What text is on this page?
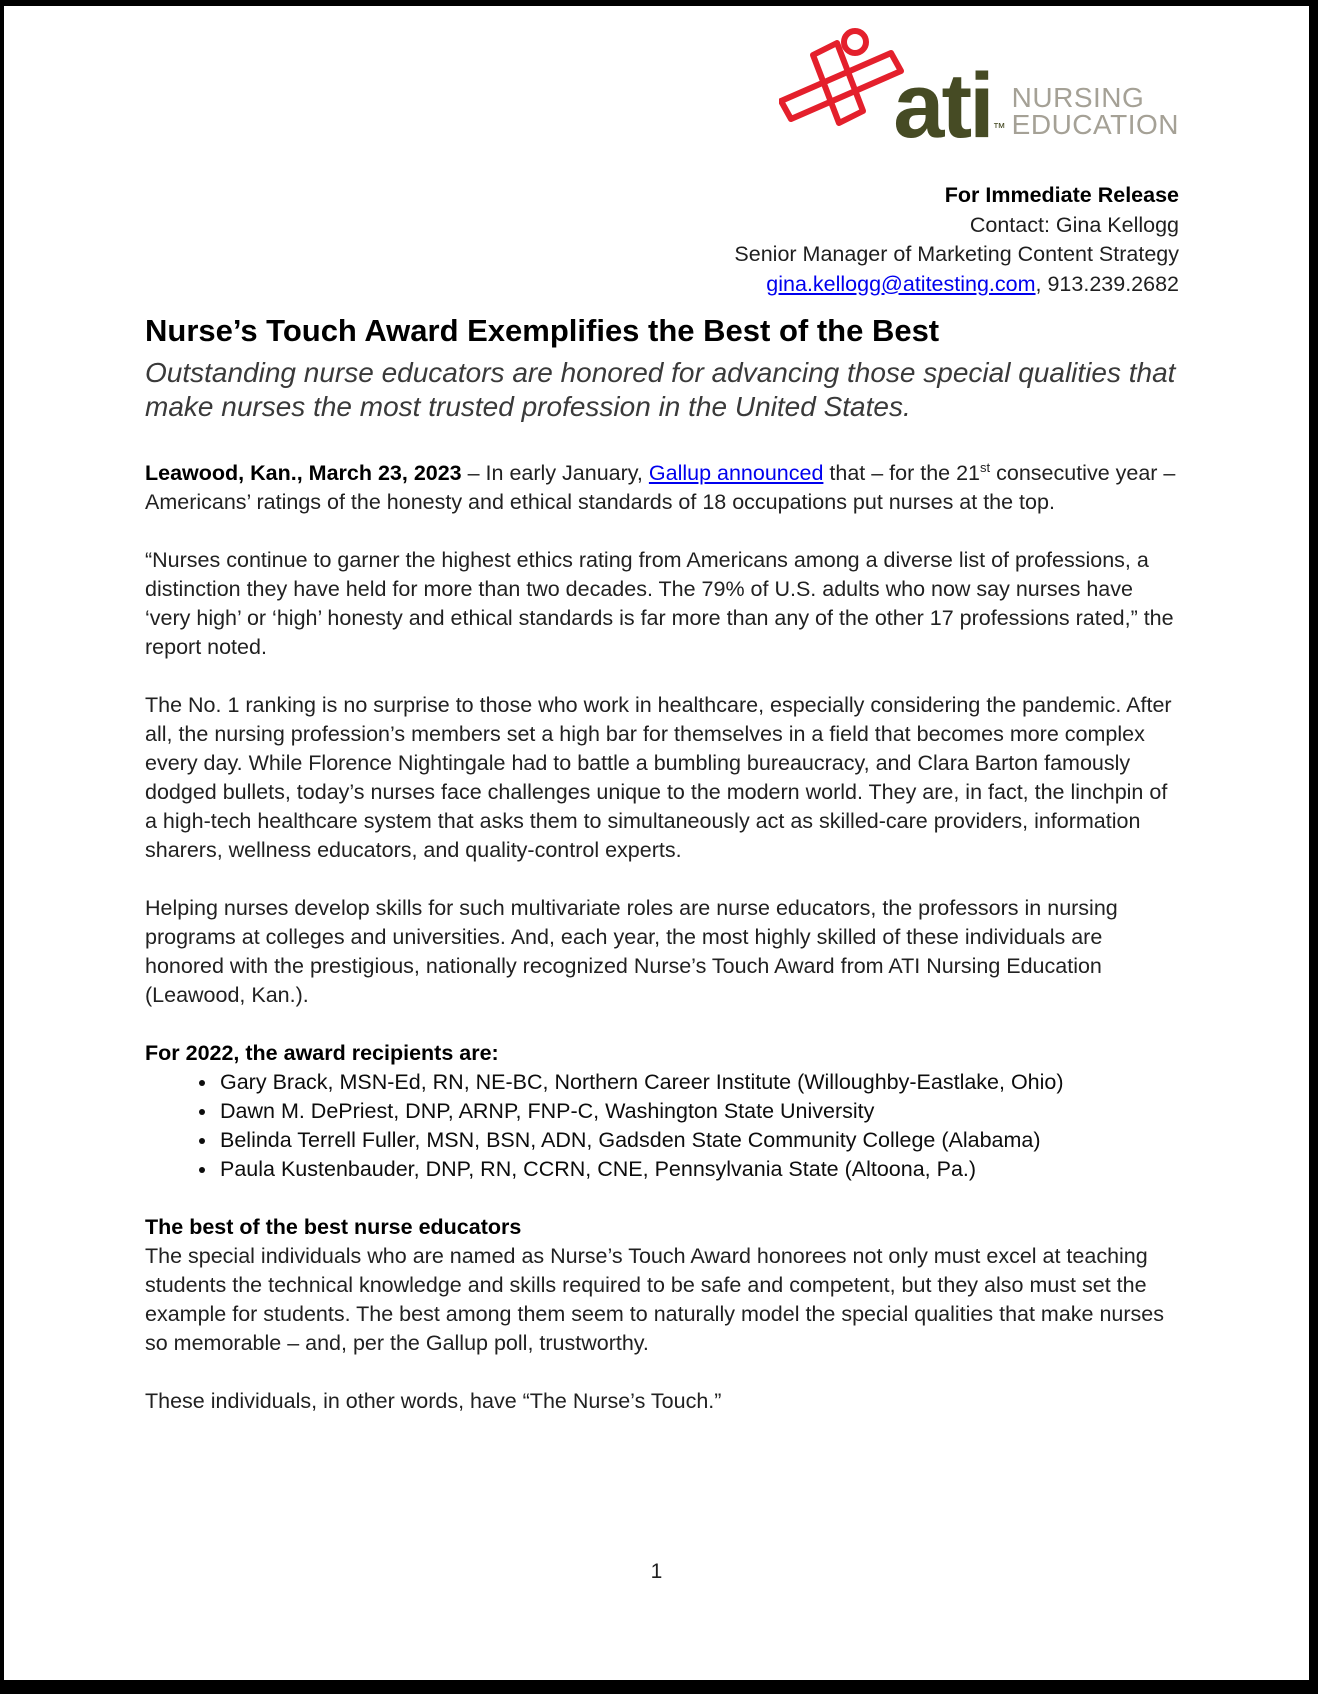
ati ™
NURSING
EDUCATION
For Immediate Release
Contact: Gina Kellogg
Senior Manager of Marketing Content Strategy
gina.kellogg@atitesting.com, 913.239.2682
Nurse’s Touch Award Exemplifies the Best of the Best
Outstanding nurse educators are honored for advancing those special qualities that make nurses the most trusted profession in the United States.

Leawood, Kan., March 23, 2023 – In early January, Gallup announced that – for the 21st consecutive year – Americans’ ratings of the honesty and ethical standards of 18 occupations put nurses at the top.

“Nurses continue to garner the highest ethics rating from Americans among a diverse list of professions, a distinction they have held for more than two decades. The 79% of U.S. adults who now say nurses have ‘very high’ or ‘high’ honesty and ethical standards is far more than any of the other 17 professions rated,” the report noted.

The No. 1 ranking is no surprise to those who work in healthcare, especially considering the pandemic. After all, the nursing profession’s members set a high bar for themselves in a field that becomes more complex every day. While Florence Nightingale had to battle a bumbling bureaucracy, and Clara Barton famously dodged bullets, today’s nurses face challenges unique to the modern world. They are, in fact, the linchpin of a high-tech healthcare system that asks them to simultaneously act as skilled-care providers, information sharers, wellness educators, and quality-control experts.

Helping nurses develop skills for such multivariate roles are nurse educators, the professors in nursing programs at colleges and universities. And, each year, the most highly skilled of these individuals are honored with the prestigious, nationally recognized Nurse’s Touch Award from ATI Nursing Education (Leawood, Kan.).

For 2022, the award recipients are:
• Gary Brack, MSN-Ed, RN, NE-BC, Northern Career Institute (Willoughby-Eastlake, Ohio)
• Dawn M. DePriest, DNP, ARNP, FNP-C, Washington State University
• Belinda Terrell Fuller, MSN, BSN, ADN, Gadsden State Community College (Alabama)
• Paula Kustenbauder, DNP, RN, CCRN, CNE, Pennsylvania State (Altoona, Pa.)
The best of the best nurse educators

The special individuals who are named as Nurse’s Touch Award honorees not only must excel at teaching students the technical knowledge and skills required to be safe and competent, but they also must set the example for students. The best among them seem to naturally model the special qualities that make nurses so memorable – and, per the Gallup poll, trustworthy.

These individuals, in other words, have “The Nurse’s Touch.”

1
